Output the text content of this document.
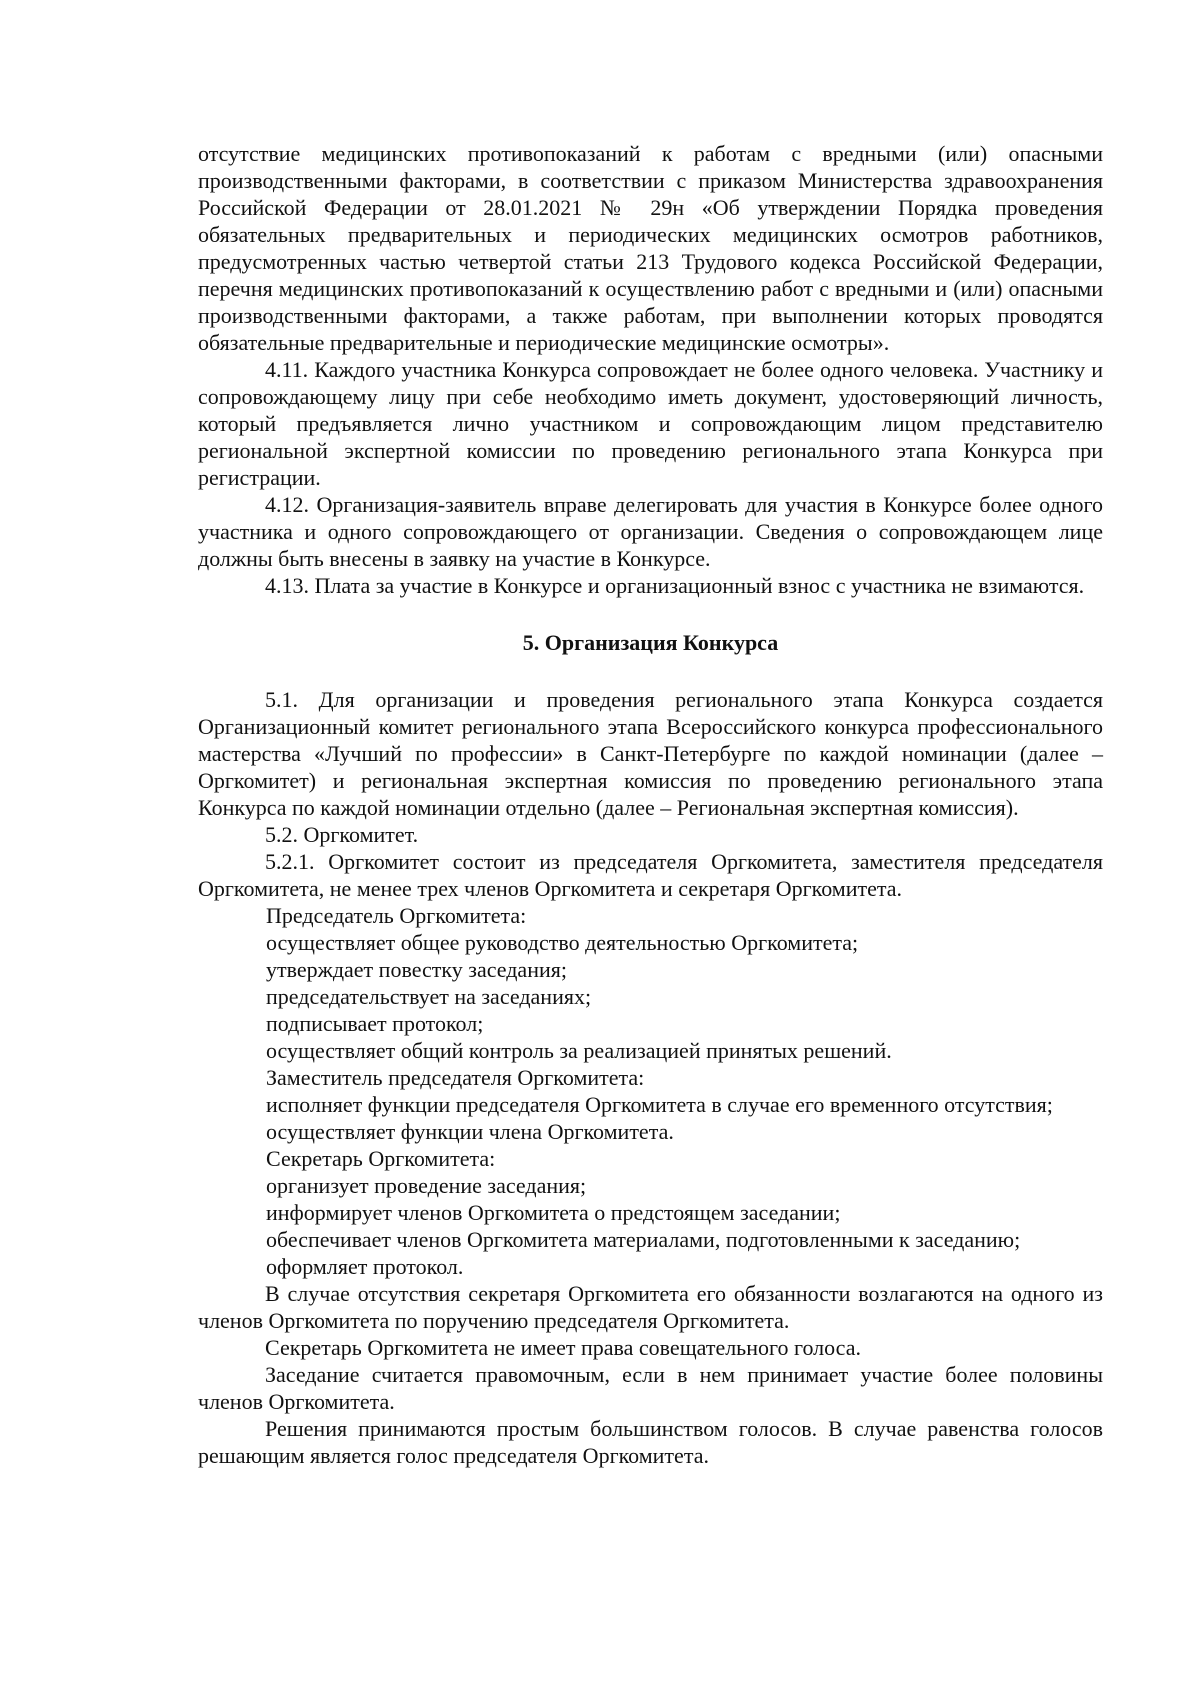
отсутствие медицинских противопоказаний к работам с вредными (или) опасными производственными факторами, в соответствии с приказом Министерства здравоохранения Российской Федерации от 28.01.2021 № 29н «Об утверждении Порядка проведения обязательных предварительных и периодических медицинских осмотров работников, предусмотренных частью четвертой статьи 213 Трудового кодекса Российской Федерации, перечня медицинских противопоказаний к осуществлению работ с вредными и (или) опасными производственными факторами, а также работам, при выполнении которых проводятся обязательные предварительные и периодические медицинские осмотры».

4.11. Каждого участника Конкурса сопровождает не более одного человека. Участнику и сопровождающему лицу при себе необходимо иметь документ, удостоверяющий личность, который предъявляется лично участником и сопровождающим лицом представителю региональной экспертной комиссии по проведению регионального этапа Конкурса при регистрации.

4.12. Организация-заявитель вправе делегировать для участия в Конкурсе более одного участника и одного сопровождающего от организации. Сведения о сопровождающем лице должны быть внесены в заявку на участие в Конкурсе.

4.13. Плата за участие в Конкурсе и организационный взнос с участника не взимаются.

5. Организация Конкурса

5.1. Для организации и проведения регионального этапа Конкурса создается Организационный комитет регионального этапа Всероссийского конкурса профессионального мастерства «Лучший по профессии» в Санкт-Петербурге по каждой номинации (далее – Оргкомитет) и региональная экспертная комиссия по проведению регионального этапа Конкурса по каждой номинации отдельно (далее – Региональная экспертная комиссия).

5.2. Оргкомитет.

5.2.1. Оргкомитет состоит из председателя Оргкомитета, заместителя председателя Оргкомитета, не менее трех членов Оргкомитета и секретаря Оргкомитета.

Председатель Оргкомитета:

осуществляет общее руководство деятельностью Оргкомитета;

утверждает повестку заседания;

председательствует на заседаниях;

подписывает протокол;

осуществляет общий контроль за реализацией принятых решений.

Заместитель председателя Оргкомитета:

исполняет функции председателя Оргкомитета в случае его временного отсутствия;

осуществляет функции члена Оргкомитета.

Секретарь Оргкомитета:

организует проведение заседания;

информирует членов Оргкомитета о предстоящем заседании;

обеспечивает членов Оргкомитета материалами, подготовленными к заседанию;

оформляет протокол.

В случае отсутствия секретаря Оргкомитета его обязанности возлагаются на одного из членов Оргкомитета по поручению председателя Оргкомитета.

Секретарь Оргкомитета не имеет права совещательного голоса.

Заседание считается правомочным, если в нем принимает участие более половины членов Оргкомитета.

Решения принимаются простым большинством голосов. В случае равенства голосов решающим является голос председателя Оргкомитета.
